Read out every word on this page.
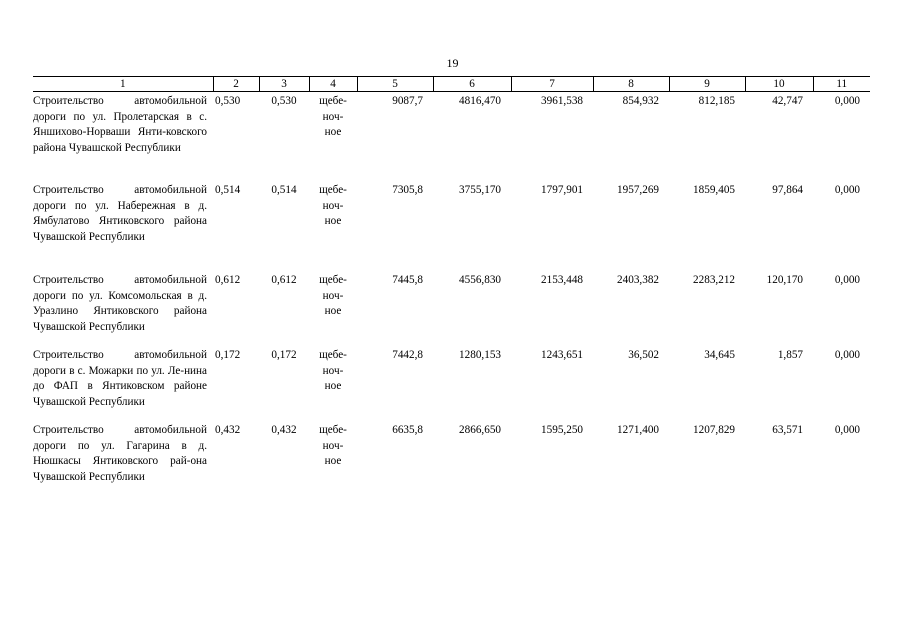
19
1	2	3	4	5	6	7	8	9	10	11

Строительство автомобильной дороги по ул. Пролетарская в с. Яншихово-Норваши Янти-ковского района Чувашской Республики	0,530	0,530	щебе-
ноч-
ное	9087,7	4816,470	3961,538	854,932	812,185	42,747	0,000

Строительство автомобильной дороги по ул. Набережная в д. Ямбулатово Янтиковского района Чувашской Республики	0,514	0,514	щебе-
ноч-
ное	7305,8	3755,170	1797,901	1957,269	1859,405	97,864	0,000
Строительство автомобильной дороги по ул. Комсомольская в д. Уразлино Янтиковского района Чувашской Республики	0,612	0,612	щебе-
ноч-
ное	7445,8	4556,830	2153,448	2403,382	2283,212	120,170	0,000
Строительство автомобильной дороги в с. Можарки по ул. Ле-нина до ФАП в Янтиковском районе Чувашской Республики	0,172	0,172	щебе-
ноч-
ное	7442,8	1280,153	1243,651	36,502	34,645	1,857	0,000
Строительство автомобильной дороги по ул. Гагарина в д. Нюшкасы Янтиковского рай-она Чувашской Республики	0,432	0,432	щебе-
ноч-
ное	6635,8	2866,650	1595,250	1271,400	1207,829	63,571	0,000
